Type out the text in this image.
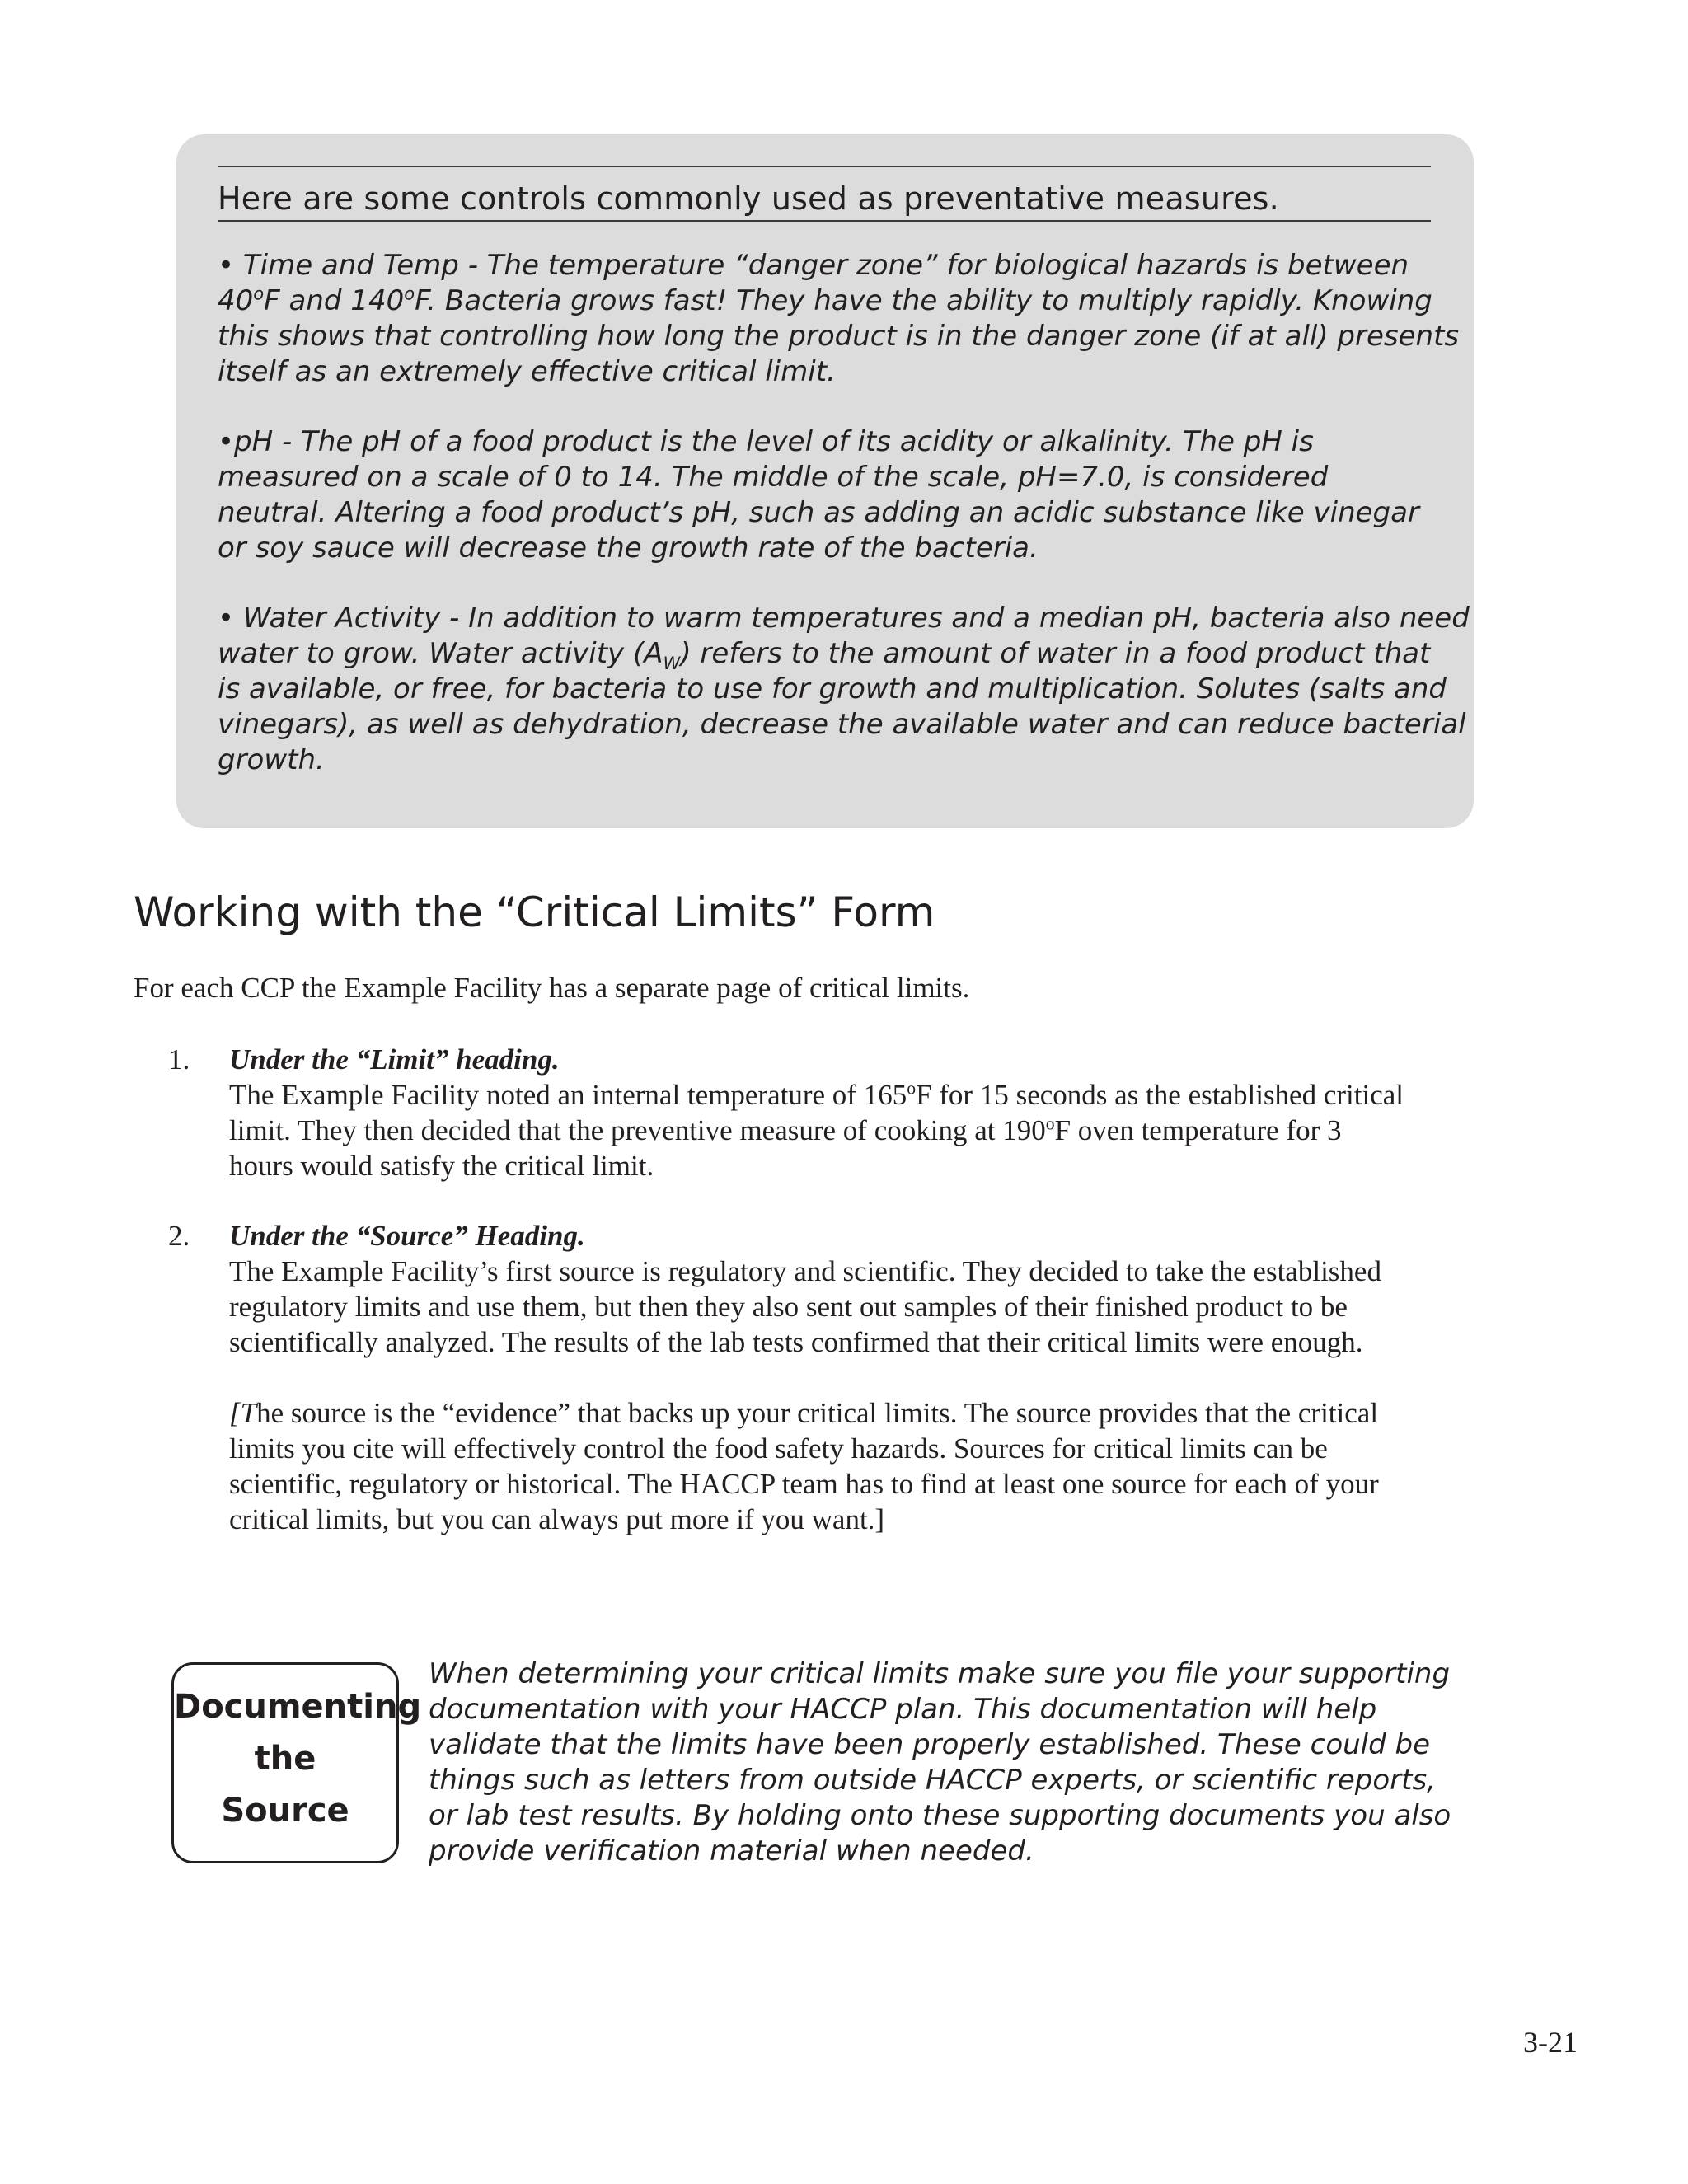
Here are some controls commonly used as preventative measures.
• Time and Temp - The temperature “danger zone” for biological hazards is between
40$^o$F and 140$^o$F. Bacteria grows fast! They have the ability to multiply rapidly. Knowing
this shows that controlling how long the product is in the danger zone (if at all) presents
itself as an extremely effective critical limit.
•pH - The pH of a food product is the level of its acidity or alkalinity. The pH is
measured on a scale of 0 to 14. The middle of the scale, pH=7.0, is considered
neutral. Altering a food product’s pH, such as adding an acidic substance like vinegar
or soy sauce will decrease the growth rate of the bacteria.
• Water Activity - In addition to warm temperatures and a median pH, bacteria also need
water to grow. Water activity $(A_W)$ refers to the amount of water in a food product that
is available, or free, for bacteria to use for growth and multiplication. Solutes (salts and
vinegars), as well as dehydration, decrease the available water and can reduce bacterial
growth.
Working with the “Critical Limits” Form
For each CCP the Example Facility has a separate page of critical limits.
1.	Under the “Limit” heading.
The Example Facility noted an internal temperature of 165$^o$F for 15 seconds as the established critical
limit. They then decided that the preventive measure of cooking at 190$^o$F oven temperature for 3
hours would satisfy the critical limit.
2.	Under the “Source” Heading.
The Example Facility’s first source is regulatory and scientific. They decided to take the established
regulatory limits and use them, but then they also sent out samples of their finished product to be
scientifically analyzed. The results of the lab tests confirmed that their critical limits were enough.
[The source is the “evidence” that backs up your critical limits. The source provides that the critical
limits you cite will effectively control the food safety hazards. Sources for critical limits can be
scientific, regulatory or historical. The HACCP team has to find at least one source for each of your
critical limits, but you can always put more if you want.]
Documenting
the
Source
When determining your critical limits make sure you file your supporting
documentation with your HACCP plan. This documentation will help
validate that the limits have been properly established. These could be
things such as letters from outside HACCP experts, or scientific reports,
or lab test results. By holding onto these supporting documents you also
provide verification material when needed.
3-21
